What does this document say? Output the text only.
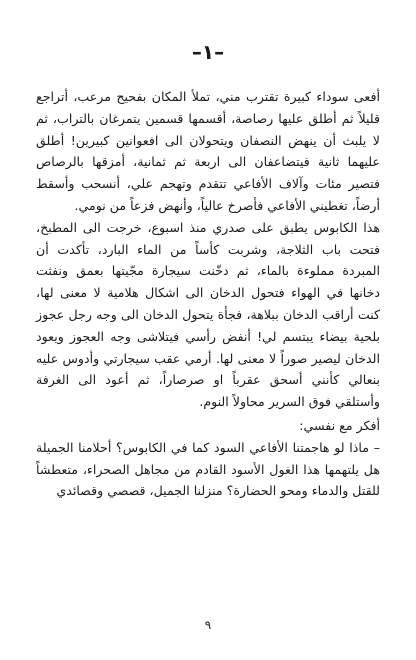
–١–

أفعى سوداء كبيرة تقترب مني، تملأ المكان بفحيح مرعب، أتراجع قليلاً ثم أطلق عليها رصاصة، أقسمها قسمين يتمرغان بالتراب، ثم لا يلبث أن ينهض النصفان ويتحولان الى افعوانين كبيرين! أطلق عليهما ثانية فيتضاعفان الى اربعة ثم ثمانية، أمزقها بالرصاص فتصير مئات وآلاف الأفاعي تتقدم وتهجم علي، أنسحب وأسقط أرضاً، تغطيني الأفاعي فأصرخ عالياً، وأنهض فزعاً من نومي.

هذا الكابوس يطبق على صدري منذ اسبوع، خرجت الى المطبخ، فتحت باب الثلاجة، وشربت كأساً من الماء البارد، تأكدت أن المبردة مملوءة بالماء، ثم دخّنت سيجارة مجّيتها بعمق ونفثت دخانها في الهواء فتحول الدخان الى اشكال هلامية لا معنى لها، كنت أراقب الدخان ببلاهة، فجأة يتحول الدخان الى وجه رجل عجوز بلحية بيضاء يبتسم لي! أنفض رأسي فيتلاشى وجه العجوز ويعود الدخان ليصير صوراً لا معنى لها. أرمي عقب سيجارتي وأدوس عليه بنعالي كأنني أسحق عقرباً او صرصاراً، ثم أعود الى الغرفة وأستلقي فوق السرير محاولاً النوم.

أفكر مع نفسي:

– ماذا لو هاجمتنا الأفاعي السود كما في الكابوس؟ أحلامنا الجميلة هل يلتهمها هذا الغول الأسود القادم من مجاهل الصحراء، متعطشاً للقتل والدماء ومحو الحضارة؟ منزلنا الجميل، قصصي وقصائدي

٩
